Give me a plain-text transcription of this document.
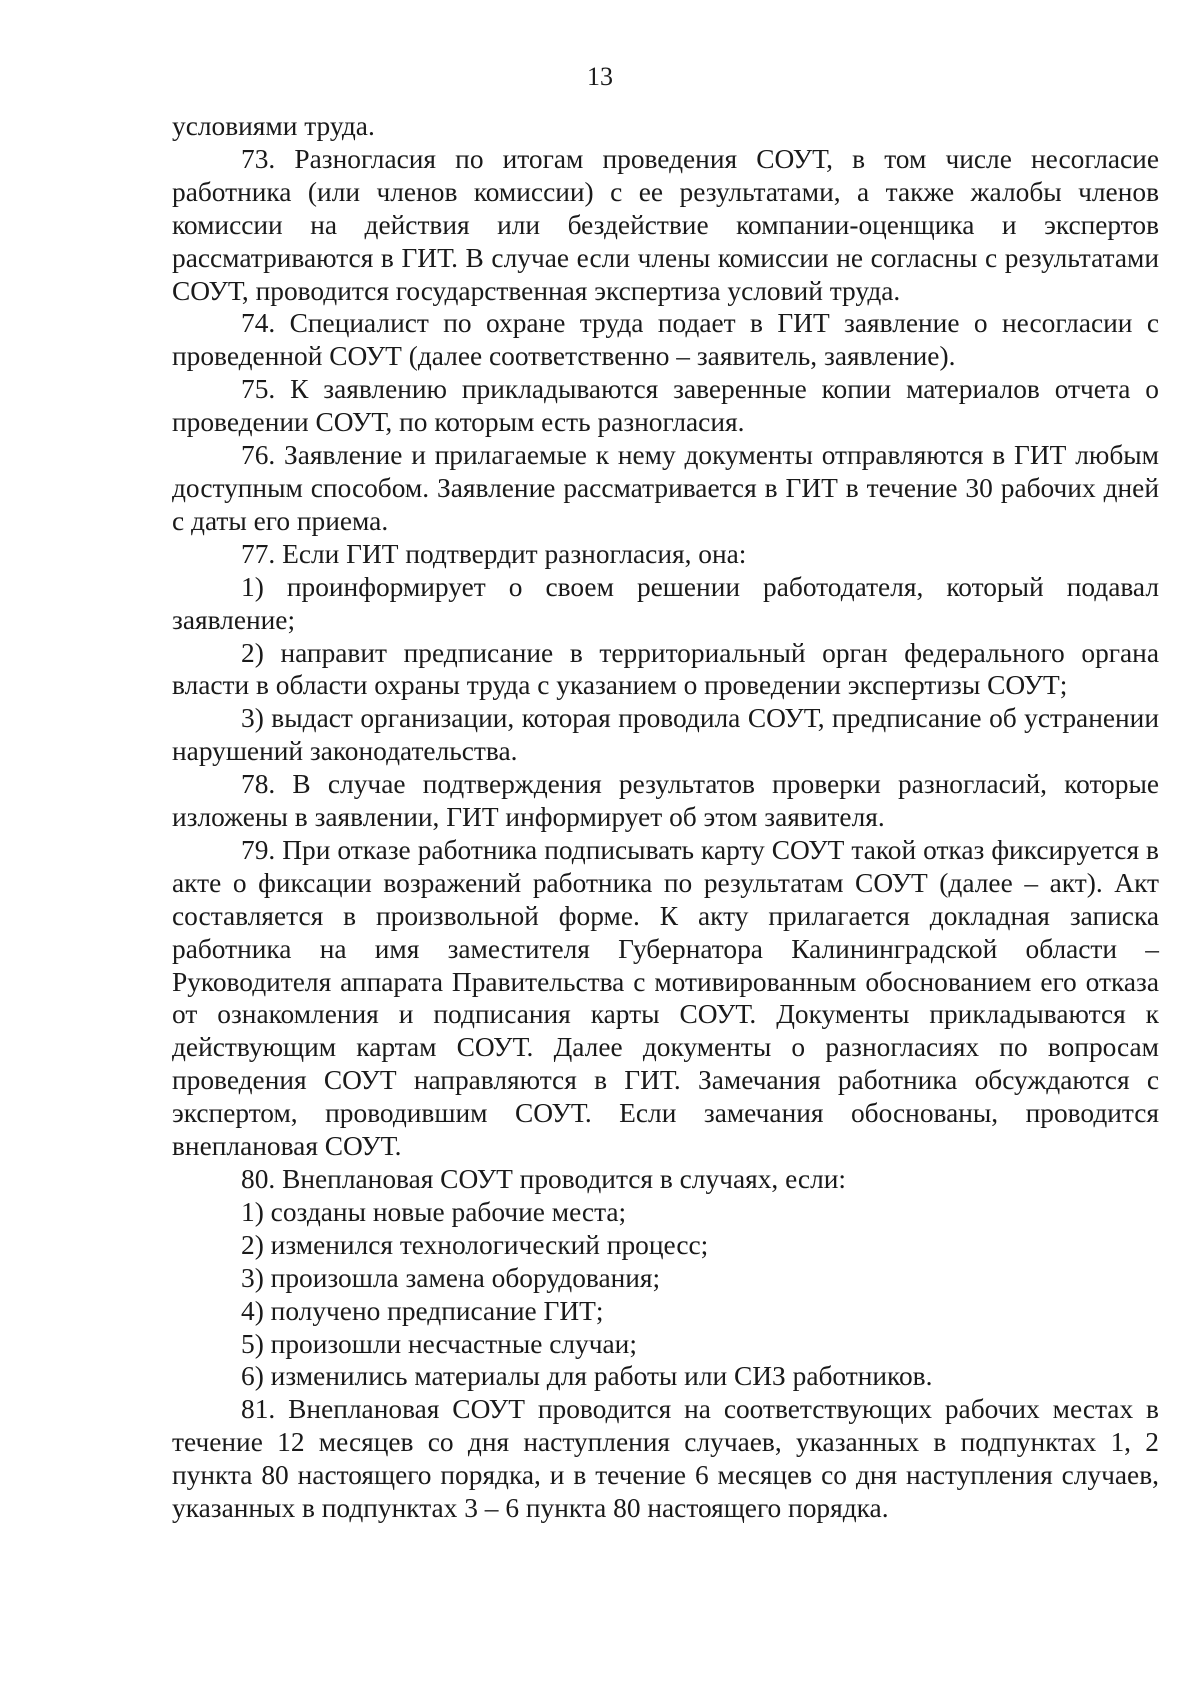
13

условиями труда.

73. Разногласия по итогам проведения СОУТ, в том числе несогласие работника (или членов комиссии) с ее результатами, а также жалобы членов комиссии на действия или бездействие компании-оценщика и экспертов рассматриваются в ГИТ. В случае если члены комиссии не согласны с результатами СОУТ, проводится государственная экспертиза условий труда.

74. Специалист по охране труда подает в ГИТ заявление о несогласии с проведенной СОУТ (далее соответственно – заявитель, заявление).

75. К заявлению прикладываются заверенные копии материалов отчета о проведении СОУТ, по которым есть разногласия.

76. Заявление и прилагаемые к нему документы отправляются в ГИТ любым доступным способом. Заявление рассматривается в ГИТ в течение 30 рабочих дней с даты его приема.

77. Если ГИТ подтвердит разногласия, она:

1) проинформирует о своем решении работодателя, который подавал заявление;

2) направит предписание в территориальный орган федерального органа власти в области охраны труда с указанием о проведении экспертизы СОУТ;

3) выдаст организации, которая проводила СОУТ, предписание об устранении нарушений законодательства.

78. В случае подтверждения результатов проверки разногласий, которые изложены в заявлении, ГИТ информирует об этом заявителя.

79. При отказе работника подписывать карту СОУТ такой отказ фиксируется в акте о фиксации возражений работника по результатам СОУТ (далее – акт). Акт составляется в произвольной форме. К акту прилагается докладная записка работника на имя заместителя Губернатора Калининградской области – Руководителя аппарата Правительства с мотивированным обоснованием его отказа от ознакомления и подписания карты СОУТ. Документы прикладываются к действующим картам СОУТ. Далее документы о разногласиях по вопросам проведения СОУТ направляются в ГИТ. Замечания работника обсуждаются с экспертом, проводившим СОУТ. Если замечания обоснованы, проводится внеплановая СОУТ.

80. Внеплановая СОУТ проводится в случаях, если:

1) созданы новые рабочие места;

2) изменился технологический процесс;

3) произошла замена оборудования;

4) получено предписание ГИТ;

5) произошли несчастные случаи;

6) изменились материалы для работы или СИЗ работников.

81. Внеплановая СОУТ проводится на соответствующих рабочих местах в течение 12 месяцев со дня наступления случаев, указанных в подпунктах 1, 2 пункта 80 настоящего порядка, и в течение 6 месяцев со дня наступления случаев, указанных в подпунктах 3 – 6 пункта 80 настоящего порядка.
